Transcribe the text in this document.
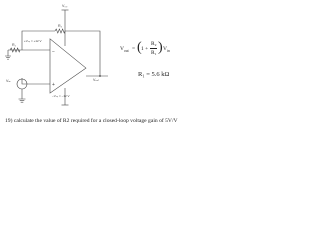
V₀₀
R₂
R₁
+Vₛₚ = +12 V
−Vₛₚ = −12 V
Vₒᵤₜ
Vᵢₙ
−
+
V out = ( 1 +
R₂
R₁ ) V in
R₁ = 5.6 kΩ
19) calculate the value of R2 required for a closed-loop voltage gain of 5V/V
